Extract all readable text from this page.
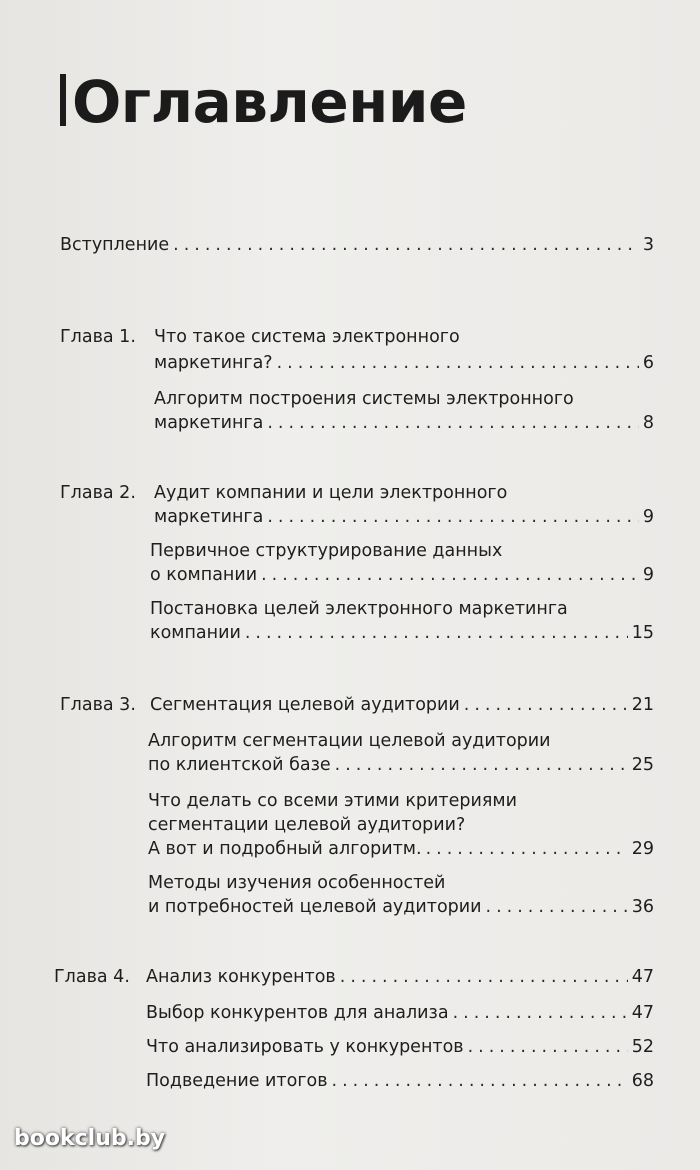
Оглавление
Вступление .....	3
Глава 1. Что такое система электронного
маркетинга? .....	6
Алгоритм построения системы электронного
маркетинга .....	8
Глава 2. Аудит компании и цели электронного
маркетинга .....	9
Первичное структурирование данных
о компании .....	9
Постановка целей электронного маркетинга
компании .....	15
Глава 3. Сегментация целевой аудитории .....	21
Алгоритм сегментации целевой аудитории
по клиентской базе .....	25
Что делать со всеми этими критериями
сегментации целевой аудитории?
А вот и подробный алгоритм. .....	29
Методы изучения особенностей
и потребностей целевой аудитории .....	36
Глава 4. Анализ конкурентов .....	47
Выбор конкурентов для анализа .....	47
Что анализировать у конкурентов .....	52
Подведение итогов .....	68
bookclub.by
